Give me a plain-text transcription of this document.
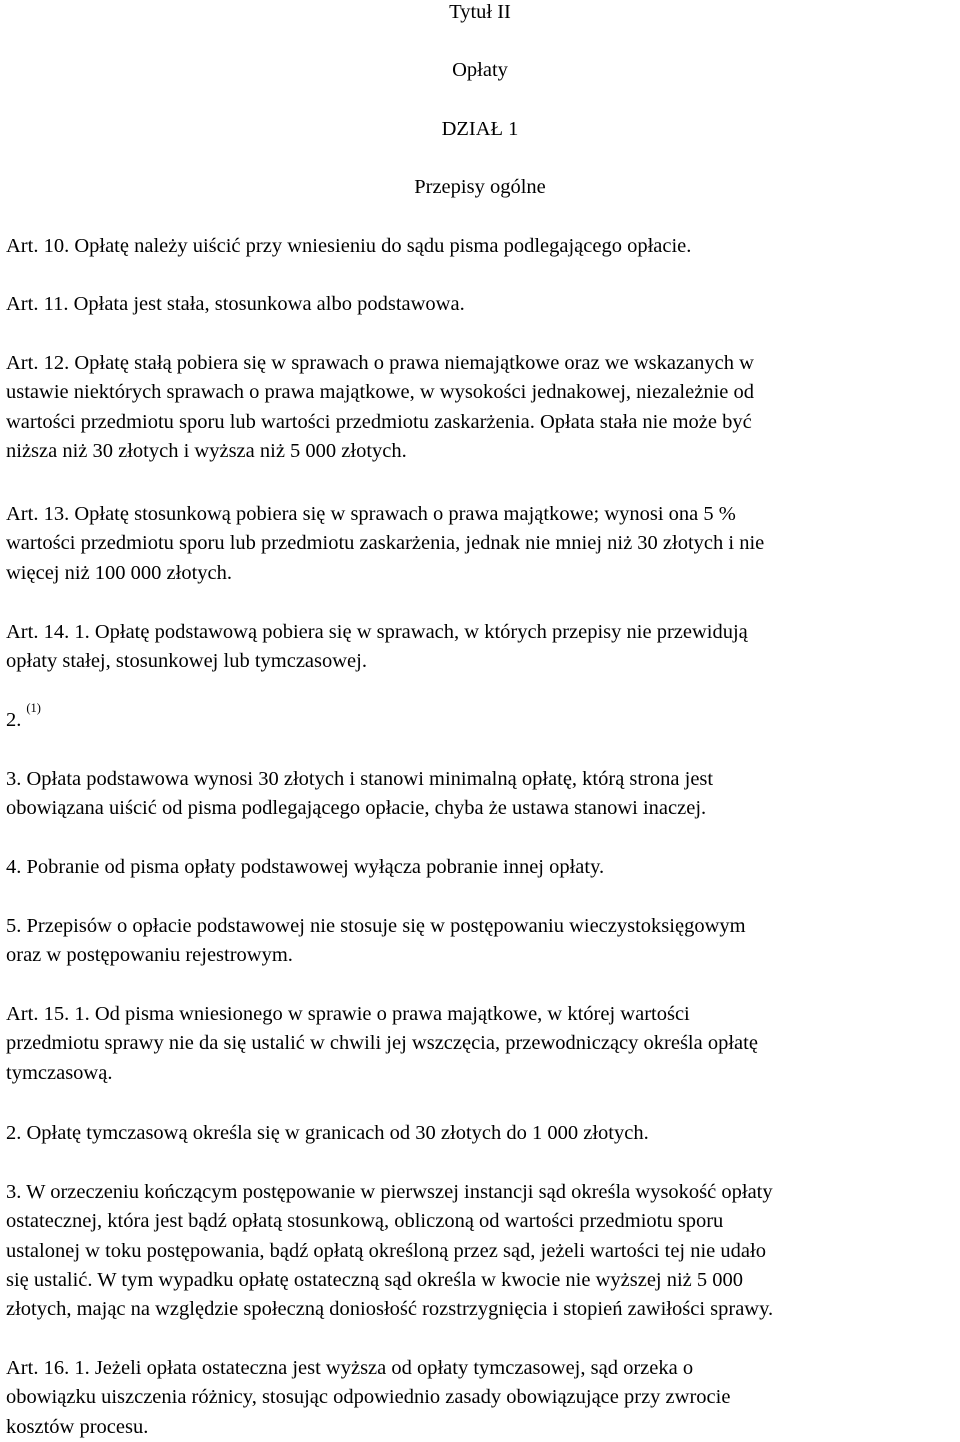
Tytuł II
Opłaty
DZIAŁ 1
Przepisy ogólne
Art. 10. Opłatę należy uiścić przy wniesieniu do sądu pisma podlegającego opłacie.
Art. 11. Opłata jest stała, stosunkowa albo podstawowa.
Art. 12. Opłatę stałą pobiera się w sprawach o prawa niemajątkowe oraz we wskazanych w
ustawie niektórych sprawach o prawa majątkowe, w wysokości jednakowej, niezależnie od
wartości przedmiotu sporu lub wartości przedmiotu zaskarżenia. Opłata stała nie może być
niższa niż 30 złotych i wyższa niż 5 000 złotych.
Art. 13. Opłatę stosunkową pobiera się w sprawach o prawa majątkowe; wynosi ona 5 %
wartości przedmiotu sporu lub przedmiotu zaskarżenia, jednak nie mniej niż 30 złotych i nie
więcej niż 100 000 złotych.
Art. 14. 1. Opłatę podstawową pobiera się w sprawach, w których przepisy nie przewidują
opłaty stałej, stosunkowej lub tymczasowej.
2.$^{(1)}$
3. Opłata podstawowa wynosi 30 złotych i stanowi minimalną opłatę, którą strona jest
obowiązana uiścić od pisma podlegającego opłacie, chyba że ustawa stanowi inaczej.
4. Pobranie od pisma opłaty podstawowej wyłącza pobranie innej opłaty.
5. Przepisów o opłacie podstawowej nie stosuje się w postępowaniu wieczystoksięgowym
oraz w postępowaniu rejestrowym.
Art. 15. 1. Od pisma wniesionego w sprawie o prawa majątkowe, w której wartości
przedmiotu sprawy nie da się ustalić w chwili jej wszczęcia, przewodniczący określa opłatę
tymczasową.
2. Opłatę tymczasową określa się w granicach od 30 złotych do 1 000 złotych.
3. W orzeczeniu kończącym postępowanie w pierwszej instancji sąd określa wysokość opłaty
ostatecznej, która jest bądź opłatą stosunkową, obliczoną od wartości przedmiotu sporu
ustalonej w toku postępowania, bądź opłatą określoną przez sąd, jeżeli wartości tej nie udało
się ustalić. W tym wypadku opłatę ostateczną sąd określa w kwocie nie wyższej niż 5 000
złotych, mając na względzie społeczną doniosłość rozstrzygnięcia i stopień zawiłości sprawy.
Art. 16. 1. Jeżeli opłata ostateczna jest wyższa od opłaty tymczasowej, sąd orzeka o
obowiązku uiszczenia różnicy, stosując odpowiednio zasady obowiązujące przy zwrocie
kosztów procesu.
